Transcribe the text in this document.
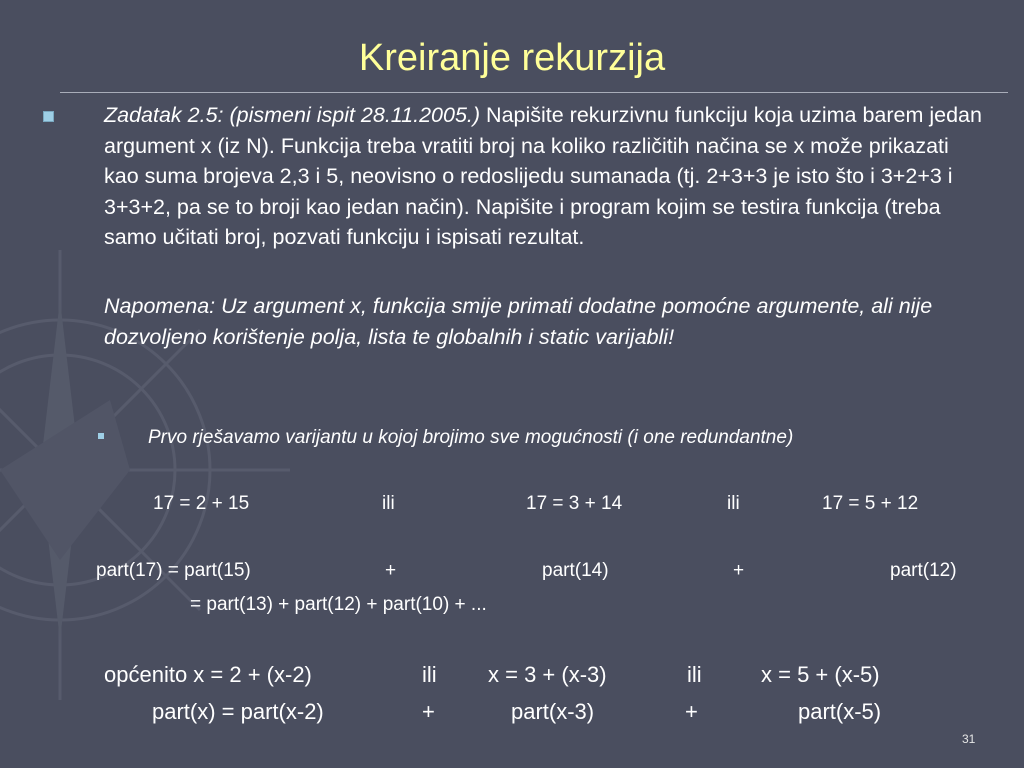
Kreiranje rekurzija

Zadatak 2.5: (pismeni ispit 28.11.2005.) Napišite rekurzivnu funkciju koja uzima barem jedan argument x (iz N). Funkcija treba vratiti broj na koliko različitih načina se x može prikazati kao suma brojeva 2,3 i 5, neovisno o redoslijedu sumanada (tj. 2+3+3 je isto što i 3+2+3 i 3+3+2, pa se to broji kao jedan način). Napišite i program kojim se testira funkcija (treba samo učitati broj, pozvati funkciju i ispisati rezultat.

Napomena: Uz argument x, funkcija smije primati dodatne pomoćne argumente, ali nije dozvoljeno korištenje polja, lista te globalnih i static varijabli!

Prvo rješavamo varijantu u kojoj brojimo sve mogućnosti (i one redundantne)
17 = 2 + 15	ili	17 = 3 + 14	ili	17 = 5 + 12
part(17) = part(15)	+	part(14)	+	part(12)
= part(13) + part(12) + part(10) + ...
općenito x = 2 + (x-2)	ili x = 3 + (x-3)	ili	x = 5 + (x-5)
part(x) = part(x-2)	+	part(x-3)	+	part(x-5)
31
